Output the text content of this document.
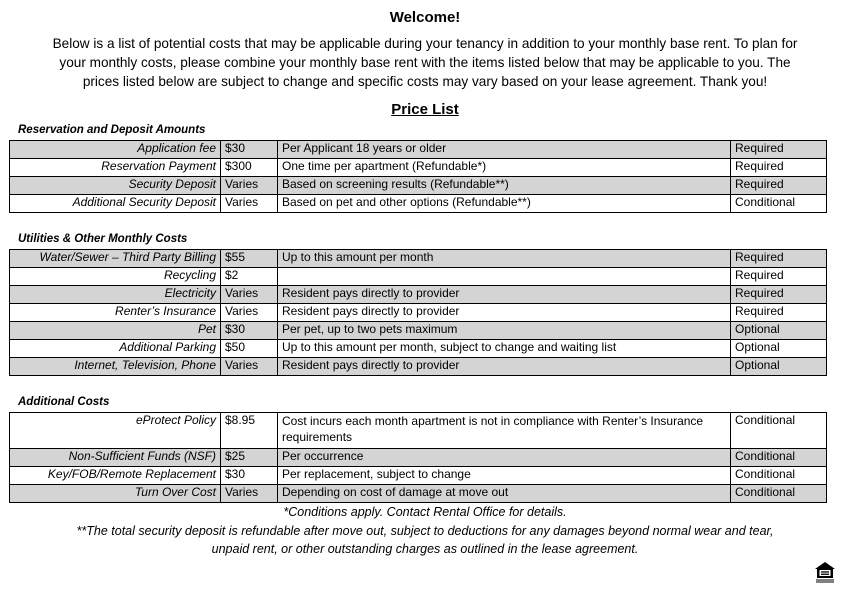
Welcome!
Below is a list of potential costs that may be applicable during your tenancy in addition to your monthly base rent. To plan for
your monthly costs, please combine your monthly base rent with the items listed below that may be applicable to you. The
prices listed below are subject to change and specific costs may vary based on your lease agreement. Thank you!
Price List
Reservation and Deposit Amounts
Application fee	$30	Per Applicant 18 years or older	Required
Reservation Payment	$300	One time per apartment (Refundable*)	Required
Security Deposit	Varies	Based on screening results (Refundable**)	Required
Additional Security Deposit	Varies	Based on pet and other options (Refundable**)	Conditional
Utilities & Other Monthly Costs
Water/Sewer – Third Party Billing	$55	Up to this amount per month	Required
Recycling	$2		Required
Electricity	Varies	Resident pays directly to provider	Required
Renter’s Insurance	Varies	Resident pays directly to provider	Required
Pet	$30	Per pet, up to two pets maximum	Optional
Additional Parking	$50	Up to this amount per month, subject to change and waiting list	Optional
Internet, Television, Phone	Varies	Resident pays directly to provider	Optional
Additional Costs
eProtect Policy	$8.95	Cost incurs each month apartment is not in compliance with Renter’s Insurance requirements	Conditional
Non-Sufficient Funds (NSF)	$25	Per occurrence	Conditional
Key/FOB/Remote Replacement	$30	Per replacement, subject to change	Conditional
Turn Over Cost	Varies	Depending on cost of damage at move out	Conditional
*Conditions apply. Contact Rental Office for details.
**The total security deposit is refundable after move out, subject to deductions for any damages beyond normal wear and tear,
unpaid rent, or other outstanding charges as outlined in the lease agreement.
